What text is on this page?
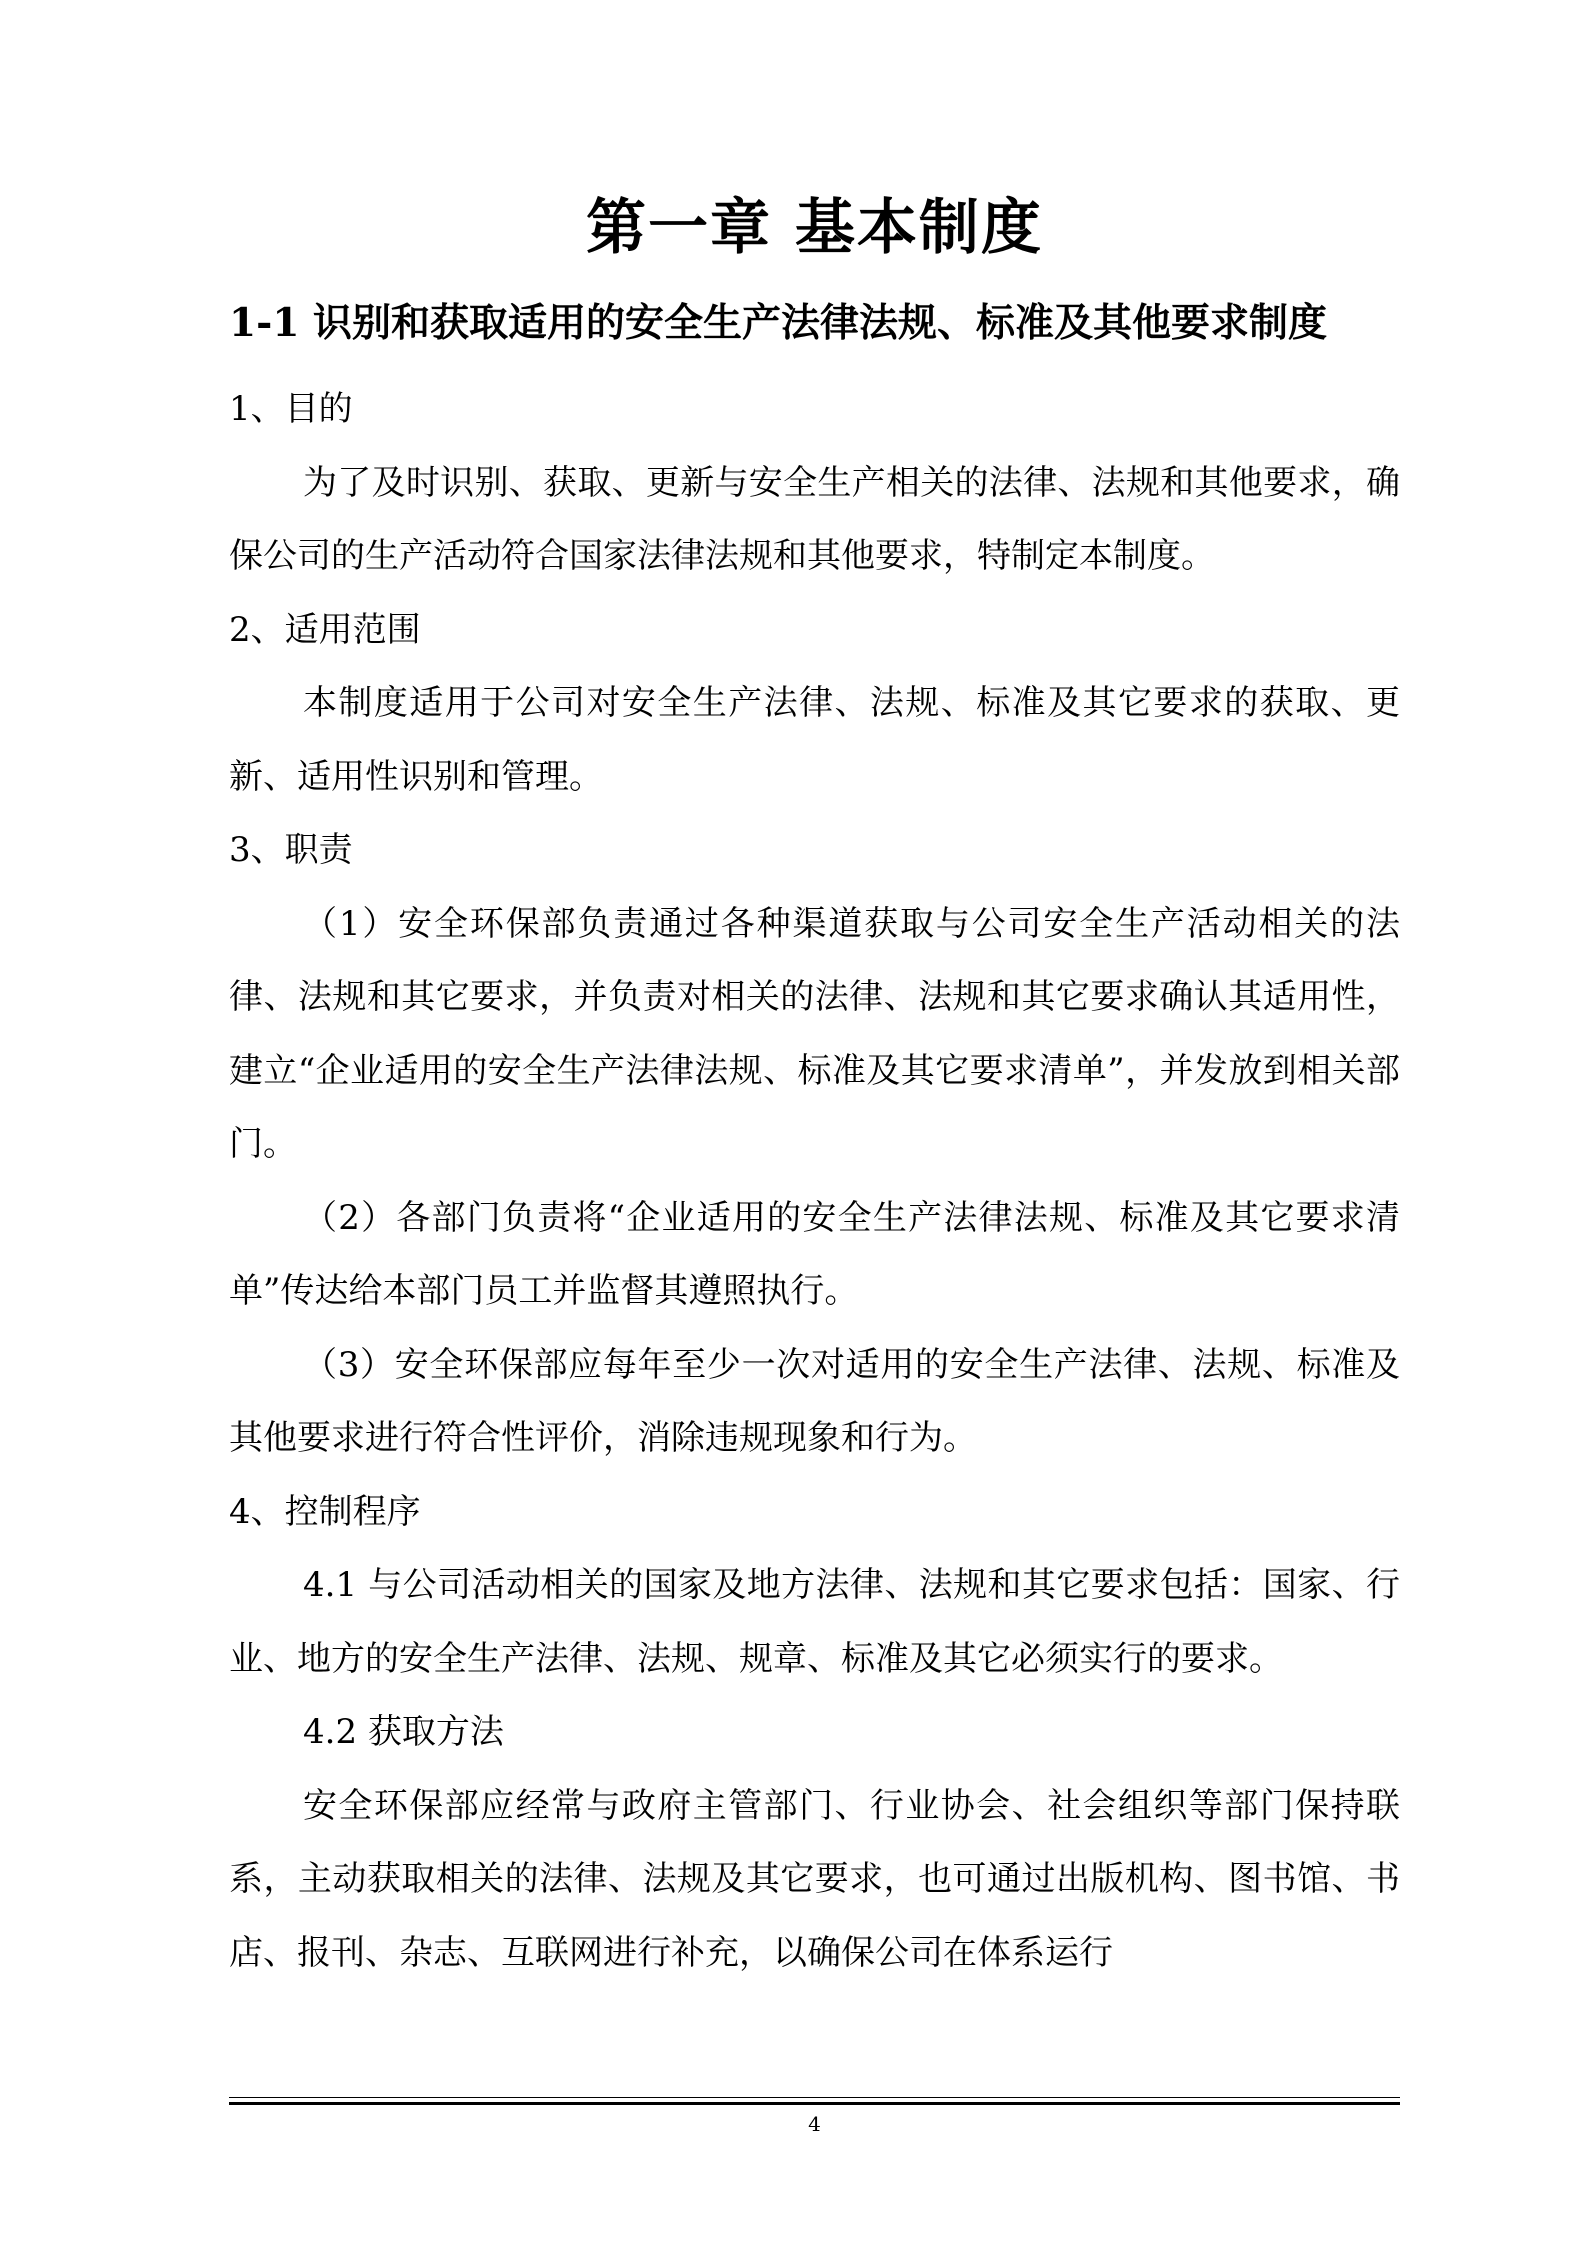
第一章 基本制度
1-1 识别和获取适用的安全生产法律法规、标准及其他要求制度

1、目的

为了及时识别、获取、更新与安全生产相关的法律、法规和其他要求，确保公司的生产活动符合国家法律法规和其他要求，特制定本制度。

2、适用范围

本制度适用于公司对安全生产法律、法规、标准及其它要求的获取、更新、适用性识别和管理。

3、职责

（1）安全环保部负责通过各种渠道获取与公司安全生产活动相关的法律、法规和其它要求，并负责对相关的法律、法规和其它要求确认其适用性，建立“企业适用的安全生产法律法规、标准及其它要求清单”，并发放到相关部门。

（2）各部门负责将“企业适用的安全生产法律法规、标准及其它要求清单”传达给本部门员工并监督其遵照执行。

（3）安全环保部应每年至少一次对适用的安全生产法律、法规、标准及其他要求进行符合性评价，消除违规现象和行为。

4、控制程序

4.1 与公司活动相关的国家及地方法律、法规和其它要求包括：国家、行业、地方的安全生产法律、法规、规章、标准及其它必须实行的要求。

4.2 获取方法

安全环保部应经常与政府主管部门、行业协会、社会组织等部门保持联系，主动获取相关的法律、法规及其它要求，也可通过出版机构、图书馆、书店、报刊、杂志、互联网进行补充，以确保公司在体系运行

4
